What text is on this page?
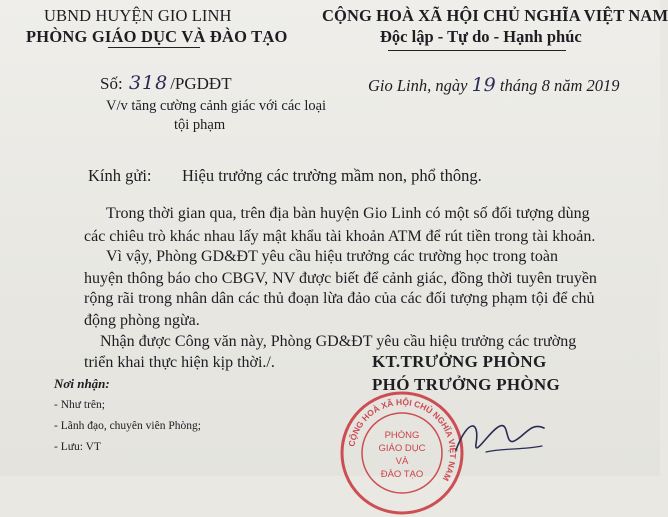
UBND HUYỆN GIO LINH
PHÒNG GIÁO DỤC VÀ ĐÀO TẠO
CỘNG HOÀ XÃ HỘI CHỦ NGHĨA VIỆT NAM
Độc lập - Tự do - Hạnh phúc
Số: 318 /PGDĐT	Gio Linh, ngày 19 tháng 8 năm 2019
V/v tăng cường cảnh giác với các loại
tội phạm
Kính gửi: Hiệu trưởng các trường mầm non, phổ thông.
Trong thời gian qua, trên địa bàn huyện Gio Linh có một số đối tượng dùng
các chiêu trò khác nhau lấy mật khẩu tài khoản ATM để rút tiền trong tài khoản.
Vì vậy, Phòng GD&ĐT yêu cầu hiệu trưởng các trường học trong toàn
huyện thông báo cho CBGV, NV được biết để cảnh giác, đồng thời tuyên truyền
rộng rãi trong nhân dân các thủ đoạn lừa đảo của các đối tượng phạm tội để chủ
động phòng ngừa.
Nhận được Công văn này, Phòng GD&ĐT yêu cầu hiệu trưởng các trường
triển khai thực hiện kịp thời./.
Nơi nhận:
- Như trên;
- Lãnh đạo, chuyên viên Phòng;
- Lưu: VT
KT.TRƯỞNG PHÒNG
PHÓ TRƯỞNG PHÒNG
CỘNG HOÀ XÃ HỘI CHỦ NGHĨA VIỆT NAM
PHÒNG
GIÁO DỤC
VÀ
ĐÀO TẠO
